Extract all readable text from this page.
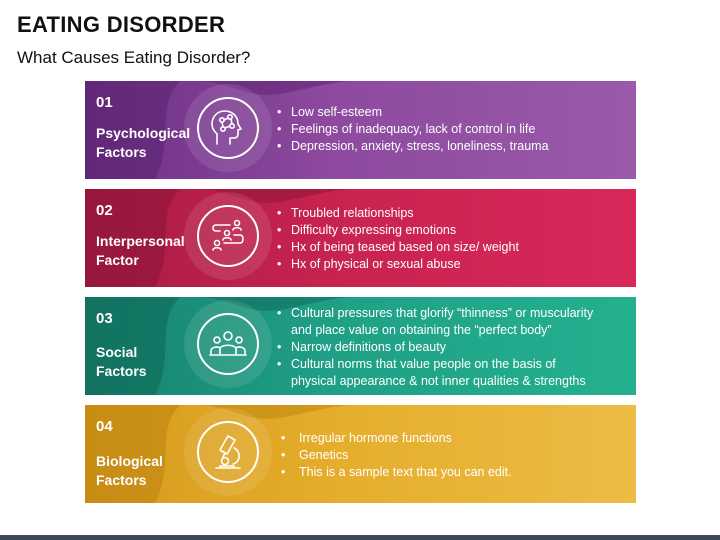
EATING DISORDER
What Causes Eating Disorder?
01
Psychological
Factors
• Low self-esteem
• Feelings of inadequacy, lack of control in life
• Depression, anxiety, stress, loneliness, trauma
02
Interpersonal
Factor
• Troubled relationships
• Difficulty expressing emotions
• Hx of being teased based on size/ weight
• Hx of physical or sexual abuse
03
Social
Factors
• Cultural pressures that glorify “thinness” or muscularity
and place value on obtaining the “perfect body”
• Narrow definitions of beauty
• Cultural norms that value people on the basis of
physical appearance & not inner qualities & strengths
04
Biological
Factors
• Irregular hormone functions
• Genetics
• This is a sample text that you can edit.
